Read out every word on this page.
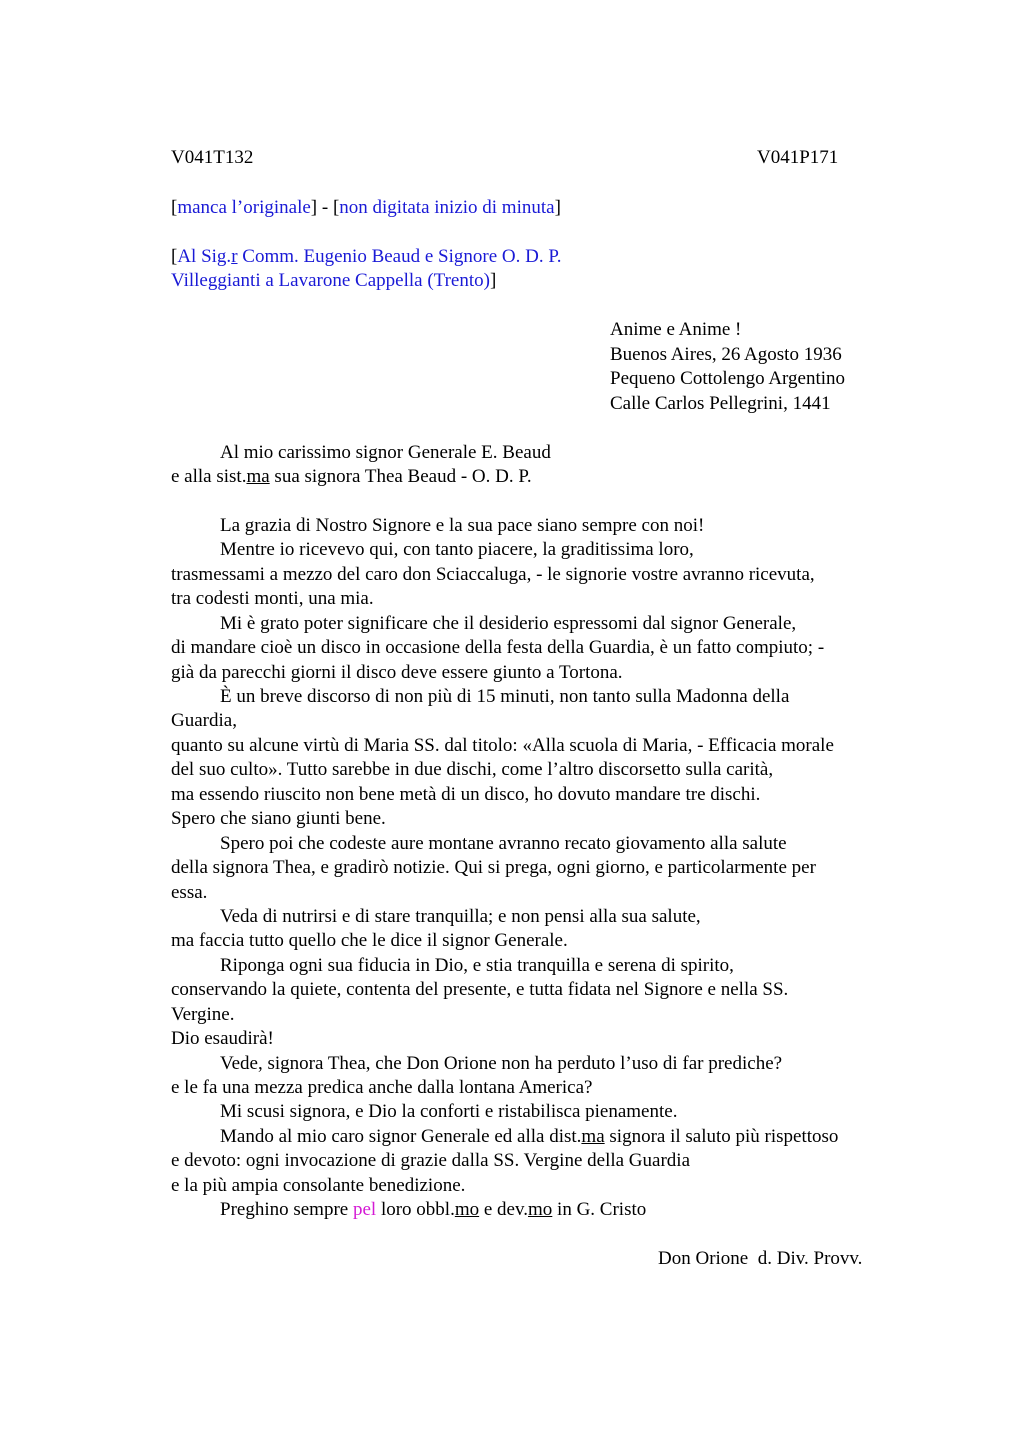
V041T132	V041P171
[manca l’originale] - [non digitata inizio di minuta]
[Al Sig.r Comm. Eugenio Beaud e Signore O. D. P.
Villeggianti a Lavarone Cappella (Trento)]
Anime e Anime !
Buenos Aires, 26 Agosto 1936
Pequeno Cottolengo Argentino
Calle Carlos Pellegrini, 1441
Al mio carissimo signor Generale E. Beaud
e alla sist.ma sua signora Thea Beaud - O. D. P.
La grazia di Nostro Signore e la sua pace siano sempre con noi!
Mentre io ricevevo qui, con tanto piacere, la graditissima loro,
trasmessami a mezzo del caro don Sciaccaluga, - le signorie vostre avranno ricevuta,
tra codesti monti, una mia.
Mi è grato poter significare che il desiderio espressomi dal signor Generale,
di mandare cioè un disco in occasione della festa della Guardia, è un fatto compiuto; -
già da parecchi giorni il disco deve essere giunto a Tortona.
È un breve discorso di non più di 15 minuti, non tanto sulla Madonna della
Guardia,
quanto su alcune virtù di Maria SS. dal titolo: «Alla scuola di Maria, - Efficacia morale
del suo culto». Tutto sarebbe in due dischi, come l’altro discorsetto sulla carità,
ma essendo riuscito non bene metà di un disco, ho dovuto mandare tre dischi.
Spero che siano giunti bene.
Spero poi che codeste aure montane avranno recato giovamento alla salute
della signora Thea, e gradirò notizie. Qui si prega, ogni giorno, e particolarmente per
essa.
Veda di nutrirsi e di stare tranquilla; e non pensi alla sua salute,
ma faccia tutto quello che le dice il signor Generale.
Riponga ogni sua fiducia in Dio, e stia tranquilla e serena di spirito,
conservando la quiete, contenta del presente, e tutta fidata nel Signore e nella SS.
Vergine.
Dio esaudirà!
Vede, signora Thea, che Don Orione non ha perduto l’uso di far prediche?
e le fa una mezza predica anche dalla lontana America?
Mi scusi signora, e Dio la conforti e ristabilisca pienamente.
Mando al mio caro signor Generale ed alla dist.ma signora il saluto più rispettoso
e devoto: ogni invocazione di grazie dalla SS. Vergine della Guardia
e la più ampia consolante benedizione.
Preghino sempre pel loro obbl.mo e dev.mo in G. Cristo
Don Orione  d. Div. Provv.
